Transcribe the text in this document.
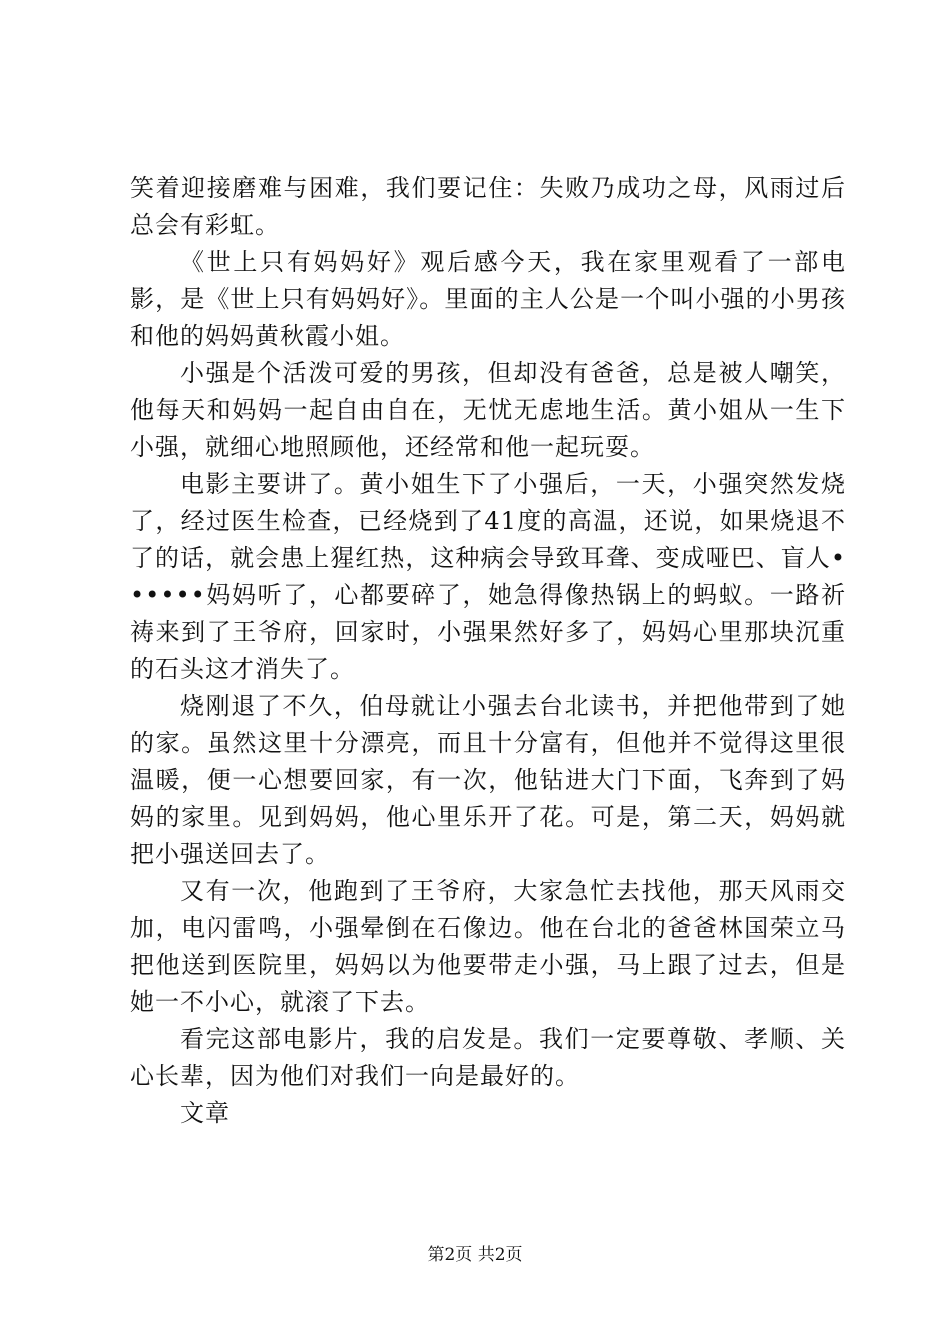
笑着迎接磨难与困难，我们要记住：失败乃成功之母，风雨过后总会有彩虹。

《世上只有妈妈好》观后感今天，我在家里观看了一部电影，是《世上只有妈妈好》。里面的主人公是一个叫小强的小男孩和他的妈妈黄秋霞小姐。

小强是个活泼可爱的男孩，但却没有爸爸，总是被人嘲笑，他每天和妈妈一起自由自在，无忧无虑地生活。黄小姐从一生下小强，就细心地照顾他，还经常和他一起玩耍。

电影主要讲了。黄小姐生下了小强后，一天，小强突然发烧了，经过医生检查，已经烧到了41度的高温，还说，如果烧退不了的话，就会患上猩红热，这种病会导致耳聋、变成哑巴、盲人••••••妈妈听了，心都要碎了，她急得像热锅上的蚂蚁。一路祈祷来到了王爷府，回家时，小强果然好多了，妈妈心里那块沉重的石头这才消失了。

烧刚退了不久，伯母就让小强去台北读书，并把他带到了她的家。虽然这里十分漂亮，而且十分富有，但他并不觉得这里很温暖，便一心想要回家，有一次，他钻进大门下面，飞奔到了妈妈的家里。见到妈妈，他心里乐开了花。可是，第二天，妈妈就把小强送回去了。

又有一次，他跑到了王爷府，大家急忙去找他，那天风雨交加，电闪雷鸣，小强晕倒在石像边。他在台北的爸爸林国荣立马把他送到医院里，妈妈以为他要带走小强，马上跟了过去，但是她一不小心，就滚了下去。

看完这部电影片，我的启发是。我们一定要尊敬、孝顺、关心长辈，因为他们对我们一向是最好的。

文章

第2页 共2页
